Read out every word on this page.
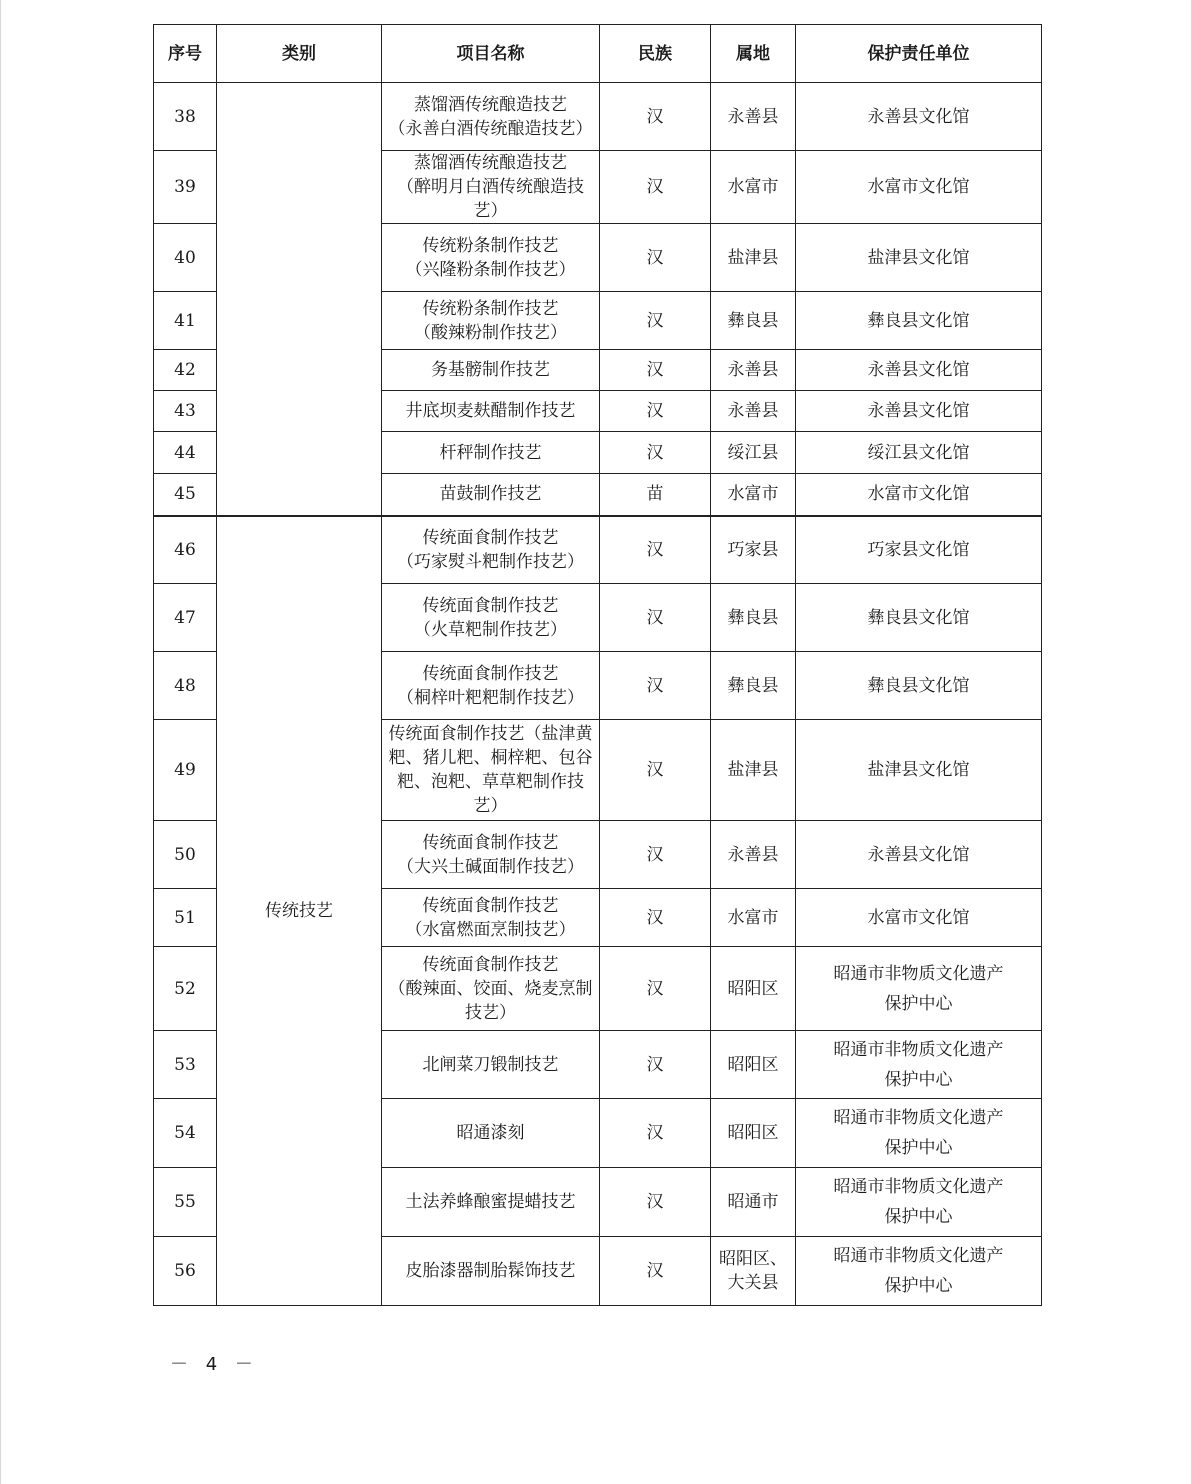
序号	类别	项目名称	民族	属地	保护责任单位
38		蒸馏酒传统酿造技艺
（永善白酒传统酿造技艺）	汉	永善县	永善县文化馆

39		蒸馏酒传统酿造技艺
（醉明月白酒传统酿造技艺）	汉	水富市	水富市文化馆

40		传统粉条制作技艺
（兴隆粉条制作技艺）	汉	盐津县	盐津县文化馆

41		传统粉条制作技艺
（酸辣粉制作技艺）	汉	彝良县	彝良县文化馆

42		务基髈制作技艺	汉	永善县	永善县文化馆

43		井底坝麦麸醋制作技艺	汉	永善县	永善县文化馆

44		杆秤制作技艺	汉	绥江县	绥江县文化馆

45		苗鼓制作技艺	苗	水富市	水富市文化馆

46	传统技艺	传统面食制作技艺
（巧家熨斗粑制作技艺）	汉	巧家县	巧家县文化馆

47		传统面食制作技艺
（火草粑制作技艺）	汉	彝良县	彝良县文化馆

48		传统面食制作技艺
（桐梓叶粑粑制作技艺）	汉	彝良县	彝良县文化馆

49		传统面食制作技艺（盐津黄
粑、猪儿粑、桐梓粑、包谷
粑、泡粑、草草粑制作技艺）	汉	盐津县	盐津县文化馆

50		传统面食制作技艺
（大兴土碱面制作技艺）	汉	永善县	永善县文化馆

51		传统面食制作技艺
（水富燃面烹制技艺）	汉	水富市	水富市文化馆

52		传统面食制作技艺
（酸辣面、饺面、烧麦烹制
技艺）	汉	昭阳区	昭通市非物质文化遗产
保护中心

53		北闸菜刀锻制技艺	汉	昭阳区	昭通市非物质文化遗产
保护中心

54		昭通漆刻	汉	昭阳区	昭通市非物质文化遗产
保护中心

55		土法养蜂酿蜜提蜡技艺	汉	昭通市	昭通市非物质文化遗产
保护中心

56		皮胎漆器制胎髹饰技艺	汉	昭阳区、
大关县	昭通市非物质文化遗产
保护中心
－ 4 －
